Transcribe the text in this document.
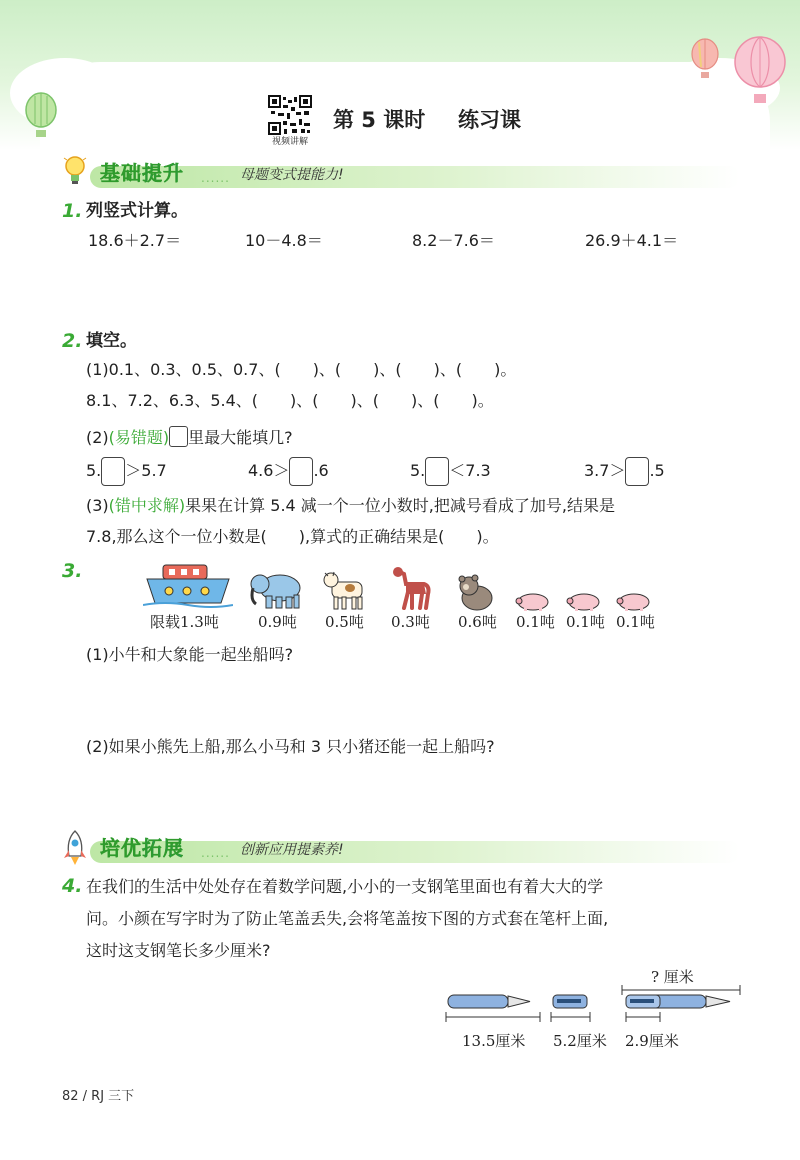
视频讲解
第 5 课时 练习课
基础提升 ...... 母题变式提能力!
1. 列竖式计算。
18.6＋2.7＝	10－4.8＝	8.2－7.6＝	26.9＋4.1＝
2. 填空。
(1)0.1、0.3、0.5、0.7、(　　)、(　　)、(　　)、(　　)。
8.1、7.2、6.3、5.4、(　　)、(　　)、(　　)、(　　)。
(2)(易错题) 里最大能填几?
5. ＞5.7	4.6＞ .6	5. ＜7.3	3.7＞ .5
(3)(错中求解)果果在计算 5.4 减一个一位小数时,把减号看成了加号,结果是
7.8,那么这个一位小数是(　　),算式的正确结果是(　　)。
3.
限载1.3吨	0.9吨 0.5吨 0.3吨 0.6吨 0.1吨 0.1吨 0.1吨
(1)小牛和大象能一起坐船吗?
(2)如果小熊先上船,那么小马和 3 只小猪还能一起上船吗?
培优拓展 ...... 创新应用提素养!
4. 在我们的生活中处处存在着数学问题,小小的一支钢笔里面也有着大大的学
问。小颜在写字时为了防止笔盖丢失,会将笔盖按下图的方式套在笔杆上面,
这时这支钢笔长多少厘米?
? 厘米
13.5厘米 5.2厘米 2.9厘米
82 / RJ 三下
